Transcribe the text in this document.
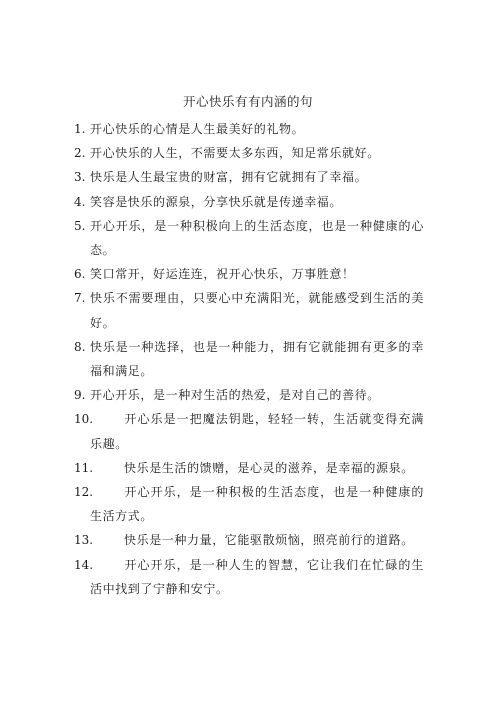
开心快乐有有内涵的句
1. 开心快乐的心情是人生最美好的礼物。
2. 开心快乐的人生，不需要太多东西，知足常乐就好。
3. 快乐是人生最宝贵的财富，拥有它就拥有了幸福。
4. 笑容是快乐的源泉，分享快乐就是传递幸福。
5. 开心开乐，是一种积极向上的生活态度，也是一种健康的心态。
6. 笑口常开，好运连连，祝开心快乐，万事胜意！
7. 快乐不需要理由，只要心中充满阳光，就能感受到生活的美好。
8. 快乐是一种选择，也是一种能力，拥有它就能拥有更多的幸福和满足。
9. 开心开乐，是一种对生活的热爱，是对自己的善待。
10.	开心乐是一把魔法钥匙，轻轻一转，生活就变得充满乐趣。
11.	快乐是生活的馈赠，是心灵的滋养，是幸福的源泉。
12.	开心开乐，是一种积极的生活态度，也是一种健康的生活方式。
13.	快乐是一种力量，它能驱散烦恼，照亮前行的道路。
14.	开心开乐，是一种人生的智慧，它让我们在忙碌的生活中找到了宁静和安宁。
